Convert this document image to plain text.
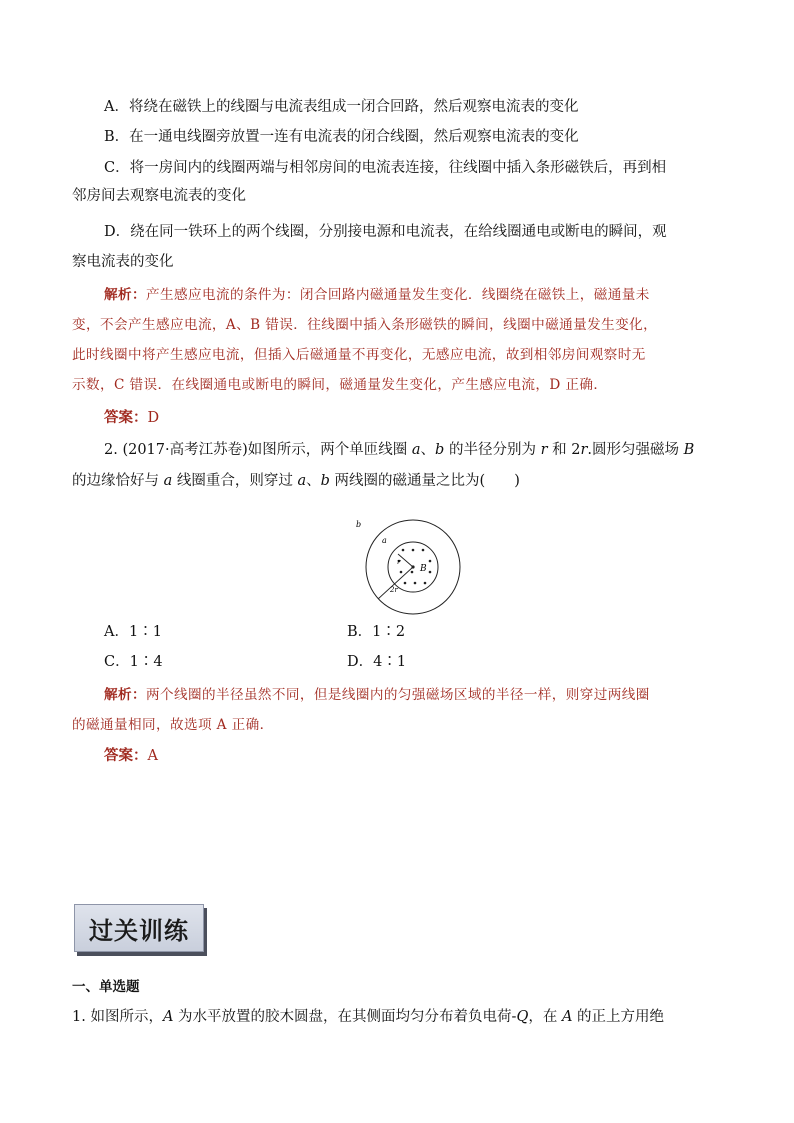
A．将绕在磁铁上的线圈与电流表组成一闭合回路，然后观察电流表的变化
B．在一通电线圈旁放置一连有电流表的闭合线圈，然后观察电流表的变化
C．将一房间内的线圈两端与相邻房间的电流表连接，往线圈中插入条形磁铁后，再到相
邻房间去观察电流表的变化
D．绕在同一铁环上的两个线圈，分别接电源和电流表，在给线圈通电或断电的瞬间，观
察电流表的变化
解析：产生感应电流的条件为：闭合回路内磁通量发生变化．线圈绕在磁铁上，磁通量未
变，不会产生感应电流，A、B 错误．往线圈中插入条形磁铁的瞬间，线圈中磁通量发生变化，
此时线圈中将产生感应电流，但插入后磁通量不再变化，无感应电流，故到相邻房间观察时无
示数，C 错误．在线圈通电或断电的瞬间，磁通量发生变化，产生感应电流，D 正确．
答案：D
2. (2017·高考江苏卷)如图所示，两个单匝线圈 a、b 的半径分别为 r 和 2r.圆形匀强磁场 B
的边缘恰好与 a 线圈重合，则穿过 a、b 两线圈的磁通量之比为(　　)
b
a
r
B
2r
A．1∶1	B．1∶2
C．1∶4	D．4∶1
解析：两个线圈的半径虽然不同，但是线圈内的匀强磁场区域的半径一样，则穿过两线圈
的磁通量相同，故选项 A 正确．
答案：A
过关训练
一、单选题
1. 如图所示，A 为水平放置的胶木圆盘，在其侧面均匀分布着负电荷-Q，在 A 的正上方用绝
